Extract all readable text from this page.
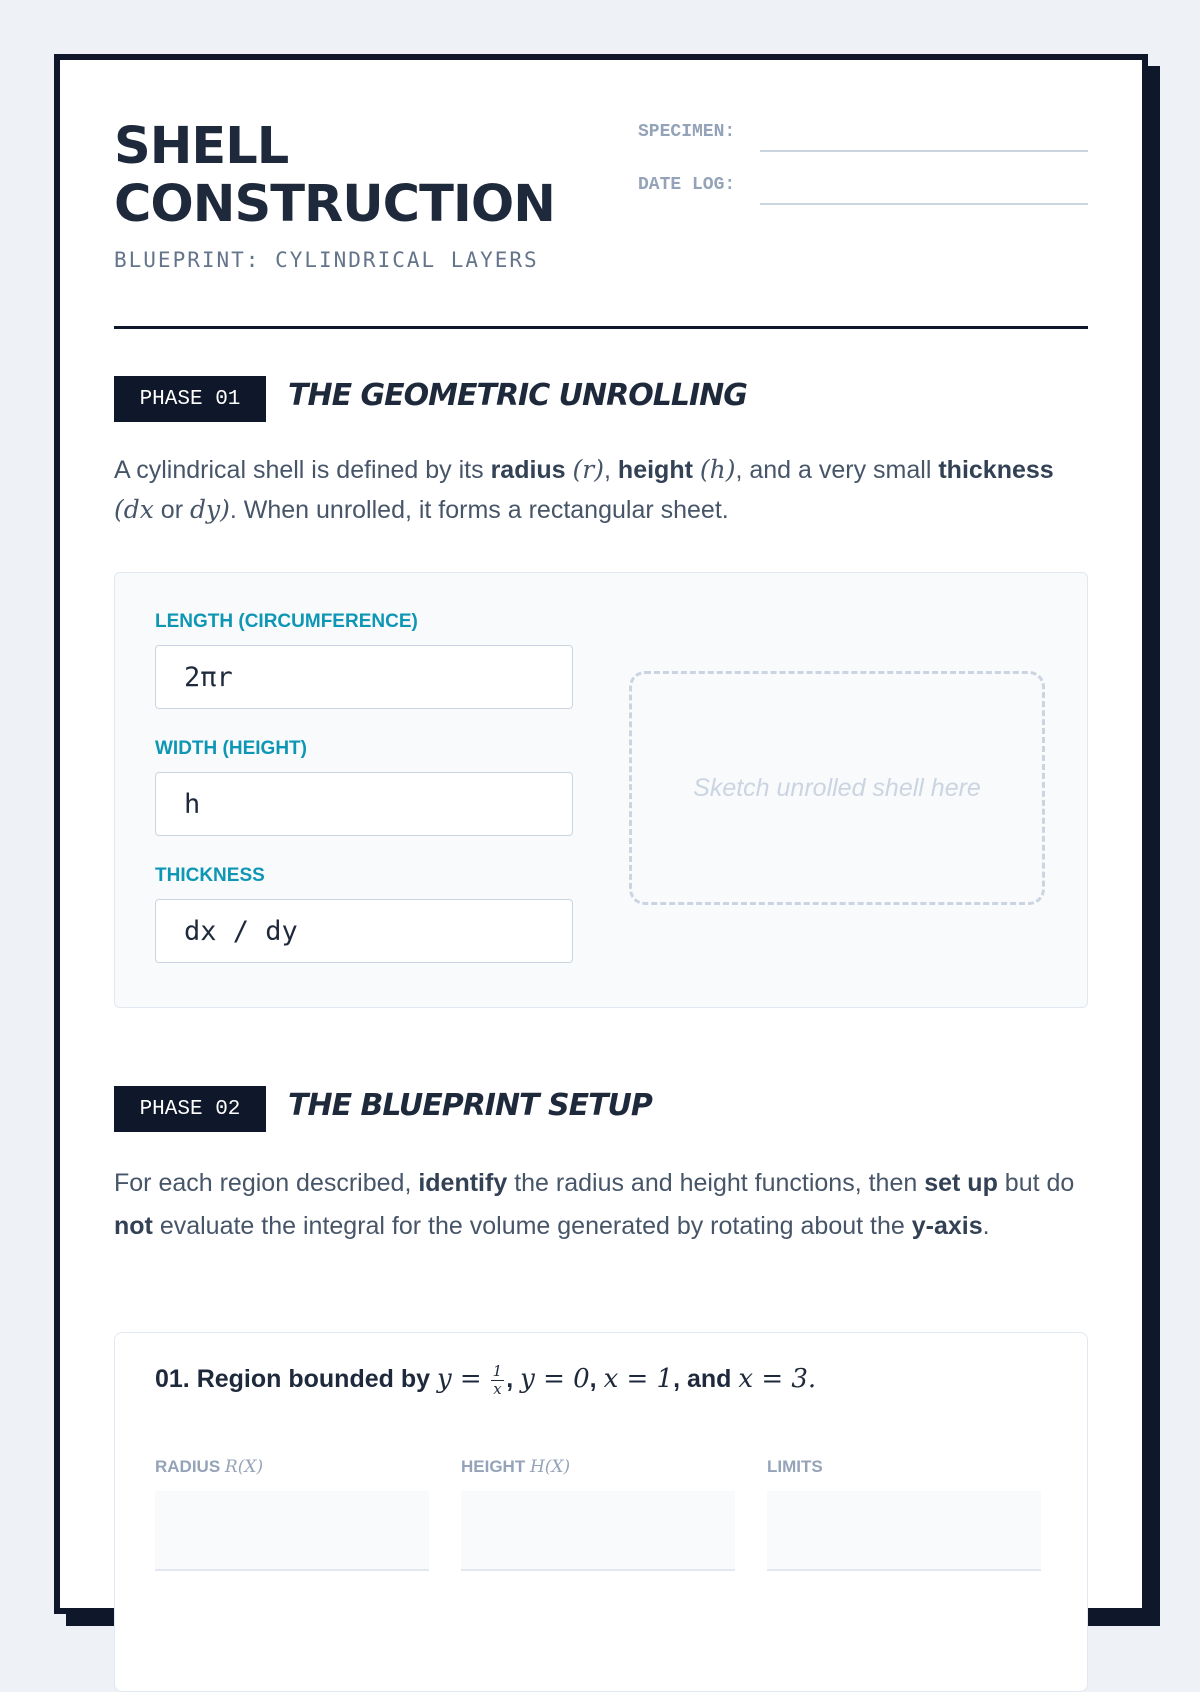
SHELL
CONSTRUCTION
BLUEPRINT: CYLINDRICAL LAYERS
SPECIMEN:
DATE LOG:
PHASE 01	THE GEOMETRIC UNROLLING

A cylindrical shell is defined by its radius (r), height (h), and a very small thickness (dx or dy). When unrolled, it forms a rectangular sheet.

LENGTH (CIRCUMFERENCE)
2πr
WIDTH (HEIGHT)
h
THICKNESS
dx / dy
Sketch unrolled shell here
PHASE 02	THE BLUEPRINT SETUP

For each region described, identify the radius and height functions, then set up but do not evaluate the integral for the volume generated by rotating about the y-axis.

01. Region bounded by $y = \frac{1}{x}$ , y = 0, x = 1, and x = 3.
RADIUS R(X)	HEIGHT H(X)	LIMITS
